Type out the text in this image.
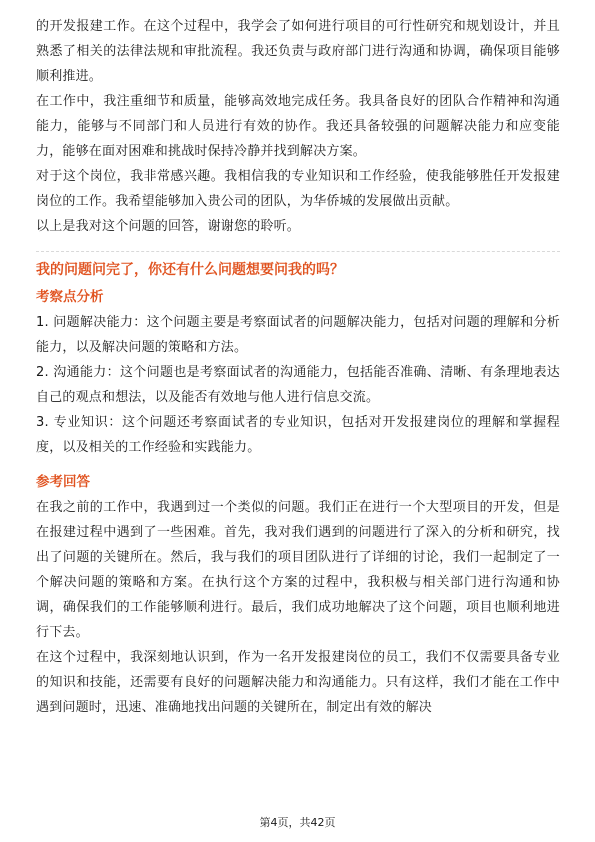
的开发报建工作。在这个过程中，我学会了如何进行项目的可行性研究和规划设计，并且熟悉了相关的法律法规和审批流程。我还负责与政府部门进行沟通和协调，确保项目能够顺利推进。

在工作中，我注重细节和质量，能够高效地完成任务。我具备良好的团队合作精神和沟通能力，能够与不同部门和人员进行有效的协作。我还具备较强的问题解决能力和应变能力，能够在面对困难和挑战时保持冷静并找到解决方案。

对于这个岗位，我非常感兴趣。我相信我的专业知识和工作经验，使我能够胜任开发报建岗位的工作。我希望能够加入贵公司的团队，为华侨城的发展做出贡献。

以上是我对这个问题的回答，谢谢您的聆听。

我的问题问完了，你还有什么问题想要问我的吗？

考察点分析

1. 问题解决能力：这个问题主要是考察面试者的问题解决能力，包括对问题的理解和分析能力，以及解决问题的策略和方法。

2. 沟通能力：这个问题也是考察面试者的沟通能力，包括能否准确、清晰、有条理地表达自己的观点和想法，以及能否有效地与他人进行信息交流。

3. 专业知识：这个问题还考察面试者的专业知识，包括对开发报建岗位的理解和掌握程度，以及相关的工作经验和实践能力。

参考回答

在我之前的工作中，我遇到过一个类似的问题。我们正在进行一个大型项目的开发，但是在报建过程中遇到了一些困难。首先，我对我们遇到的问题进行了深入的分析和研究，找出了问题的关键所在。然后，我与我们的项目团队进行了详细的讨论，我们一起制定了一个解决问题的策略和方案。在执行这个方案的过程中，我积极与相关部门进行沟通和协调，确保我们的工作能够顺利进行。最后，我们成功地解决了这个问题，项目也顺利地进行下去。

在这个过程中，我深刻地认识到，作为一名开发报建岗位的员工，我们不仅需要具备专业的知识和技能，还需要有良好的问题解决能力和沟通能力。只有这样，我们才能在工作中遇到问题时，迅速、准确地找出问题的关键所在，制定出有效的解决

第4页，共42页
